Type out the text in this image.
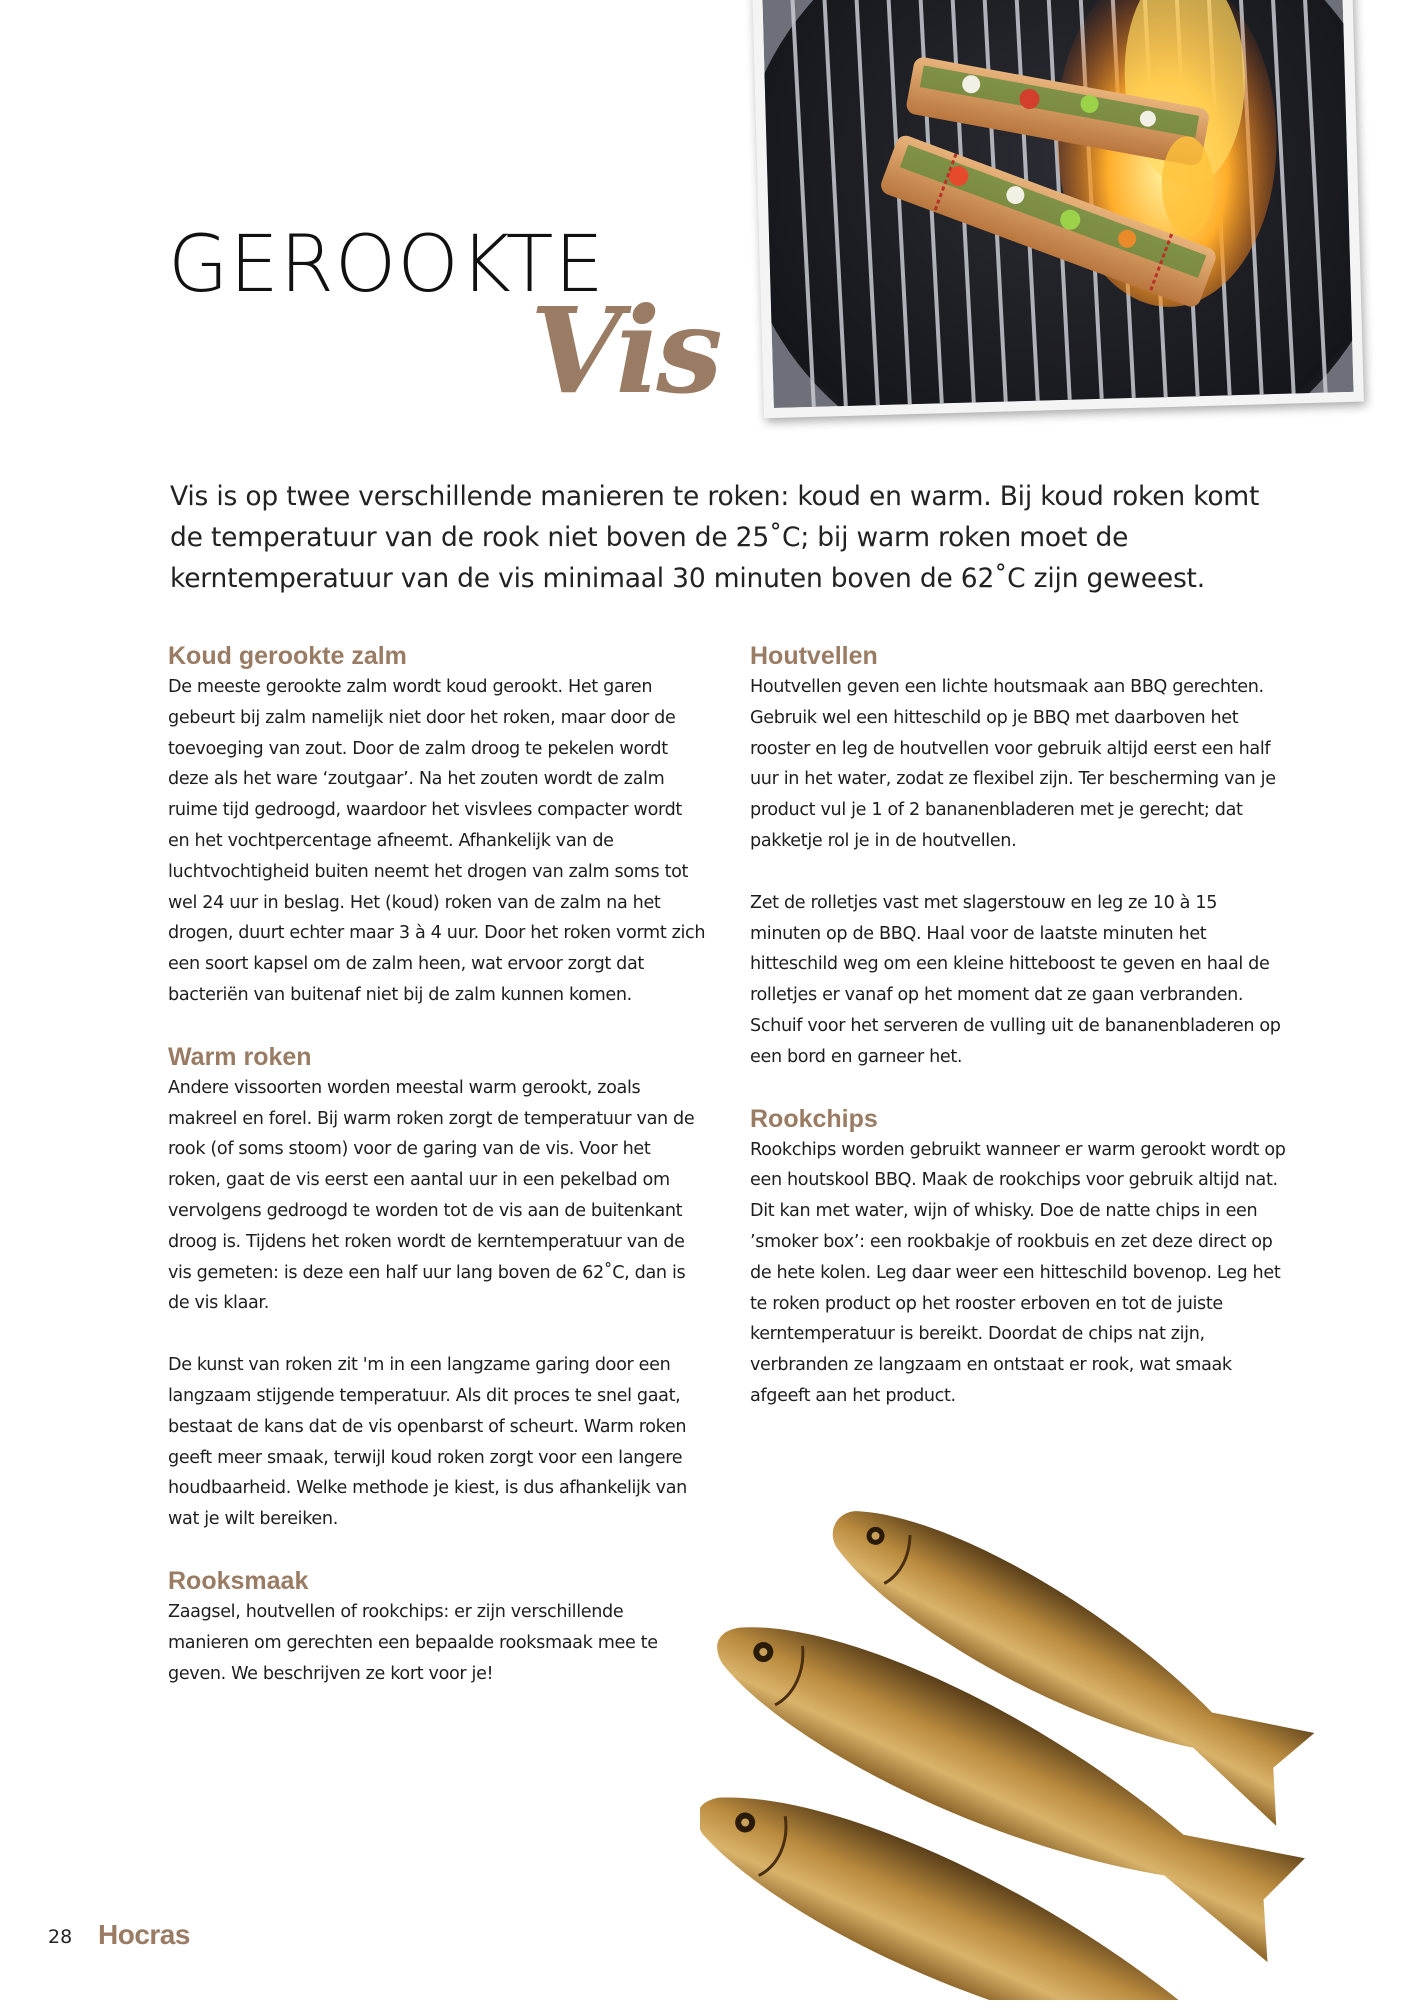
GEROOKTE
Vis

Vis is op twee verschillende manieren te roken: koud en warm. Bij koud roken komt de temperatuur van de rook niet boven de 25˚C; bij warm roken moet de kerntemperatuur van de vis minimaal 30 minuten boven de 62˚C zijn geweest.

Koud gerookte zalm

De meeste gerookte zalm wordt koud gerookt. Het garen gebeurt bij zalm namelijk niet door het roken, maar door de toevoeging van zout. Door de zalm droog te pekelen wordt deze als het ware ‘zoutgaar’. Na het zouten wordt de zalm ruime tijd gedroogd, waardoor het visvlees compacter wordt en het vochtpercentage afneemt. Afhankelijk van de luchtvochtigheid buiten neemt het drogen van zalm soms tot wel 24 uur in beslag. Het (koud) roken van de zalm na het drogen, duurt echter maar 3 à 4 uur. Door het roken vormt zich een soort kapsel om de zalm heen, wat ervoor zorgt dat bacteriën van buitenaf niet bij de zalm kunnen komen.

Warm roken

Andere vissoorten worden meestal warm gerookt, zoals makreel en forel. Bij warm roken zorgt de temperatuur van de rook (of soms stoom) voor de garing van de vis. Voor het roken, gaat de vis eerst een aantal uur in een pekelbad om vervolgens gedroogd te worden tot de vis aan de buitenkant droog is. Tijdens het roken wordt de kerntemperatuur van de vis gemeten: is deze een half uur lang boven de 62˚C, dan is de vis klaar.

De kunst van roken zit 'm in een langzame garing door een langzaam stijgende temperatuur. Als dit proces te snel gaat, bestaat de kans dat de vis openbarst of scheurt. Warm roken geeft meer smaak, terwijl koud roken zorgt voor een langere houdbaarheid. Welke methode je kiest, is dus afhankelijk van wat je wilt bereiken.

Rooksmaak

Zaagsel, houtvellen of rookchips: er zijn verschillende manieren om gerechten een bepaalde rooksmaak mee te geven. We beschrijven ze kort voor je!

Houtvellen

Houtvellen geven een lichte houtsmaak aan BBQ gerechten. Gebruik wel een hitteschild op je BBQ met daarboven het rooster en leg de houtvellen voor gebruik altijd eerst een half uur in het water, zodat ze flexibel zijn. Ter bescherming van je product vul je 1 of 2 bananenbladeren met je gerecht; dat pakketje rol je in de houtvellen.

Zet de rolletjes vast met slagerstouw en leg ze 10 à 15 minuten op de BBQ. Haal voor de laatste minuten het hitteschild weg om een kleine hitteboost te geven en haal de rolletjes er vanaf op het moment dat ze gaan verbranden. Schuif voor het serveren de vulling uit de bananenbladeren op een bord en garneer het.

Rookchips

Rookchips worden gebruikt wanneer er warm gerookt wordt op een houtskool BBQ. Maak de rookchips voor gebruik altijd nat. Dit kan met water, wijn of whisky. Doe de natte chips in een ’smoker box’: een rookbakje of rookbuis en zet deze direct op de hete kolen. Leg daar weer een hitteschild bovenop. Leg het te roken product op het rooster erboven en tot de juiste kerntemperatuur is bereikt. Doordat de chips nat zijn, verbranden ze langzaam en ontstaat er rook, wat smaak afgeeft aan het product.

28 Hocras
